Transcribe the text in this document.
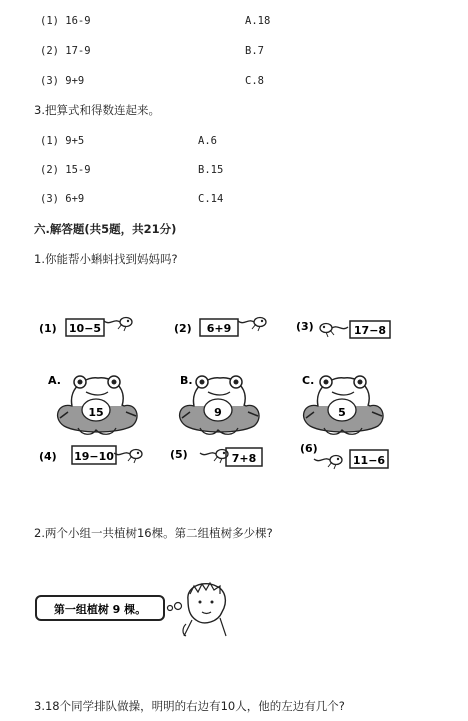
(1) 16-9	A.18
(2) 17-9	B.7
(3) 9+9	C.8
3.把算式和得数连起来。
(1) 9+5	A.6
(2) 15-9	B.15
(3) 6+9	C.14
六.解答题(共5题，共21分)
1.你能帮小蝌蚪找到妈妈吗?
(1) 10−5	(2) 6+9	(3)	17−8
A.
15
B.
9
C.
5
(4) 19−10	(5)	7+8
(6)
11−6
2.两个小组一共植树16棵。第二组植树多少棵?
第一组植树 9 棵。
3.18个同学排队做操，明明的右边有10人，他的左边有几个?
